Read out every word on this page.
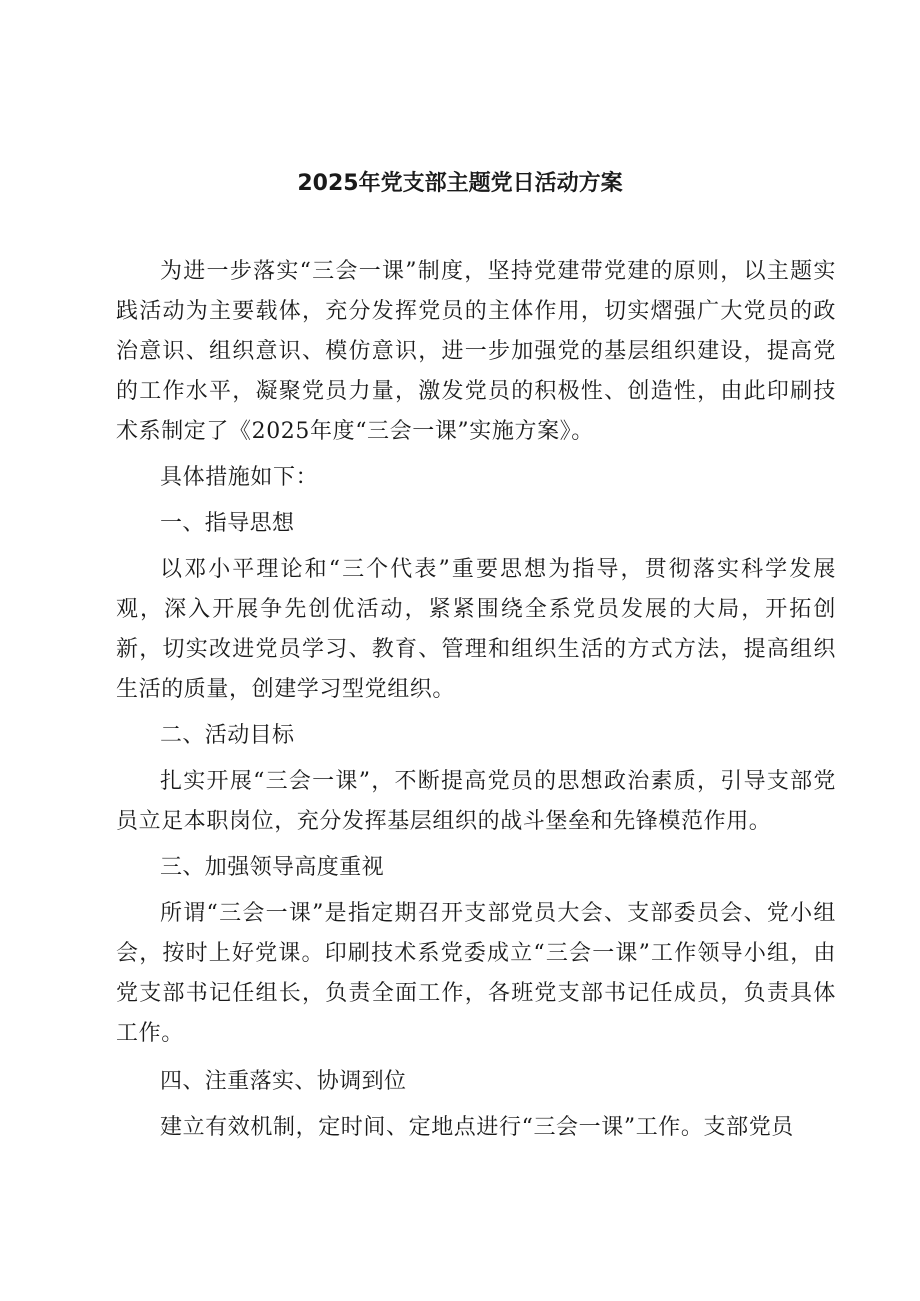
2025年党支部主题党日活动方案

为进一步落实“三会一课”制度，坚持党建带党建的原则，以主题实践活动为主要载体，充分发挥党员的主体作用，切实熠强广大党员的政治意识、组织意识、模仿意识，进一步加强党的基层组织建设，提高党的工作水平，凝聚党员力量，激发党员的积极性、创造性，由此印刷技术系制定了《2025年度“三会一课”实施方案》。

具体措施如下：

一、指导思想

以邓小平理论和“三个代表”重要思想为指导，贯彻落实科学发展观，深入开展争先创优活动，紧紧围绕全系党员发展的大局，开拓创新，切实改进党员学习、教育、管理和组织生活的方式方法，提高组织生活的质量，创建学习型党组织。

二、活动目标

扎实开展“三会一课”，不断提高党员的思想政治素质，引导支部党员立足本职岗位，充分发挥基层组织的战斗堡垒和先锋模范作用。

三、加强领导高度重视

所谓“三会一课”是指定期召开支部党员大会、支部委员会、党小组会，按时上好党课。印刷技术系党委成立“三会一课”工作领导小组，由党支部书记任组长，负责全面工作，各班党支部书记任成员，负责具体工作。

四、注重落实、协调到位

建立有效机制，定时间、定地点进行“三会一课”工作。支部党员
